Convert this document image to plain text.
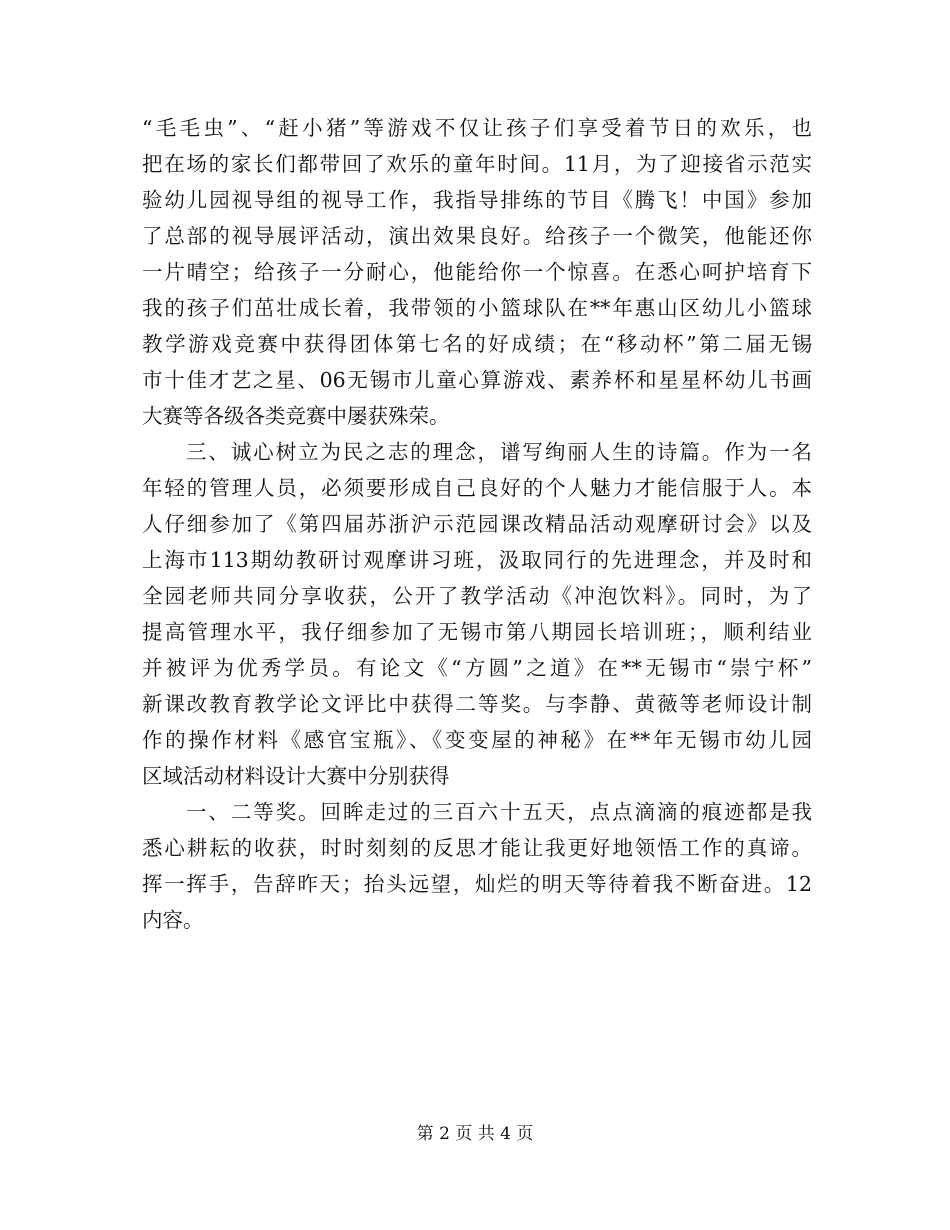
“毛毛虫”、“赶小猪”等游戏不仅让孩子们享受着节日的欢乐，也
把在场的家长们都带回了欢乐的童年时间。11月，为了迎接省示范实
验幼儿园视导组的视导工作，我指导排练的节目《腾飞！中国》参加
了总部的视导展评活动，演出效果良好。给孩子一个微笑，他能还你
一片晴空；给孩子一分耐心，他能给你一个惊喜。在悉心呵护培育下
我的孩子们茁壮成长着，我带领的小篮球队在**年惠山区幼儿小篮球
教学游戏竞赛中获得团体第七名的好成绩；在“移动杯”第二届无锡
市十佳才艺之星、06无锡市儿童心算游戏、素养杯和星星杯幼儿书画
大赛等各级各类竞赛中屡获殊荣。
三、诚心树立为民之志的理念，谱写绚丽人生的诗篇。作为一名
年轻的管理人员，必须要形成自己良好的个人魅力才能信服于人。本
人仔细参加了《第四届苏浙沪示范园课改精品活动观摩研讨会》以及
上海市113期幼教研讨观摩讲习班，汲取同行的先进理念，并及时和
全园老师共同分享收获，公开了教学活动《冲泡饮料》。同时，为了
提高管理水平，我仔细参加了无锡市第八期园长培训班；，顺利结业
并被评为优秀学员。有论文《“方圆”之道》在**无锡市“崇宁杯”
新课改教育教学论文评比中获得二等奖。与李静、黄薇等老师设计制
作的操作材料《感官宝瓶》、《变变屋的神秘》在**年无锡市幼儿园
区域活动材料设计大赛中分别获得
一、二等奖。回眸走过的三百六十五天，点点滴滴的痕迹都是我
悉心耕耘的收获，时时刻刻的反思才能让我更好地领悟工作的真谛。
挥一挥手，告辞昨天；抬头远望，灿烂的明天等待着我不断奋进。12
内容。
第 2 页 共 4 页
